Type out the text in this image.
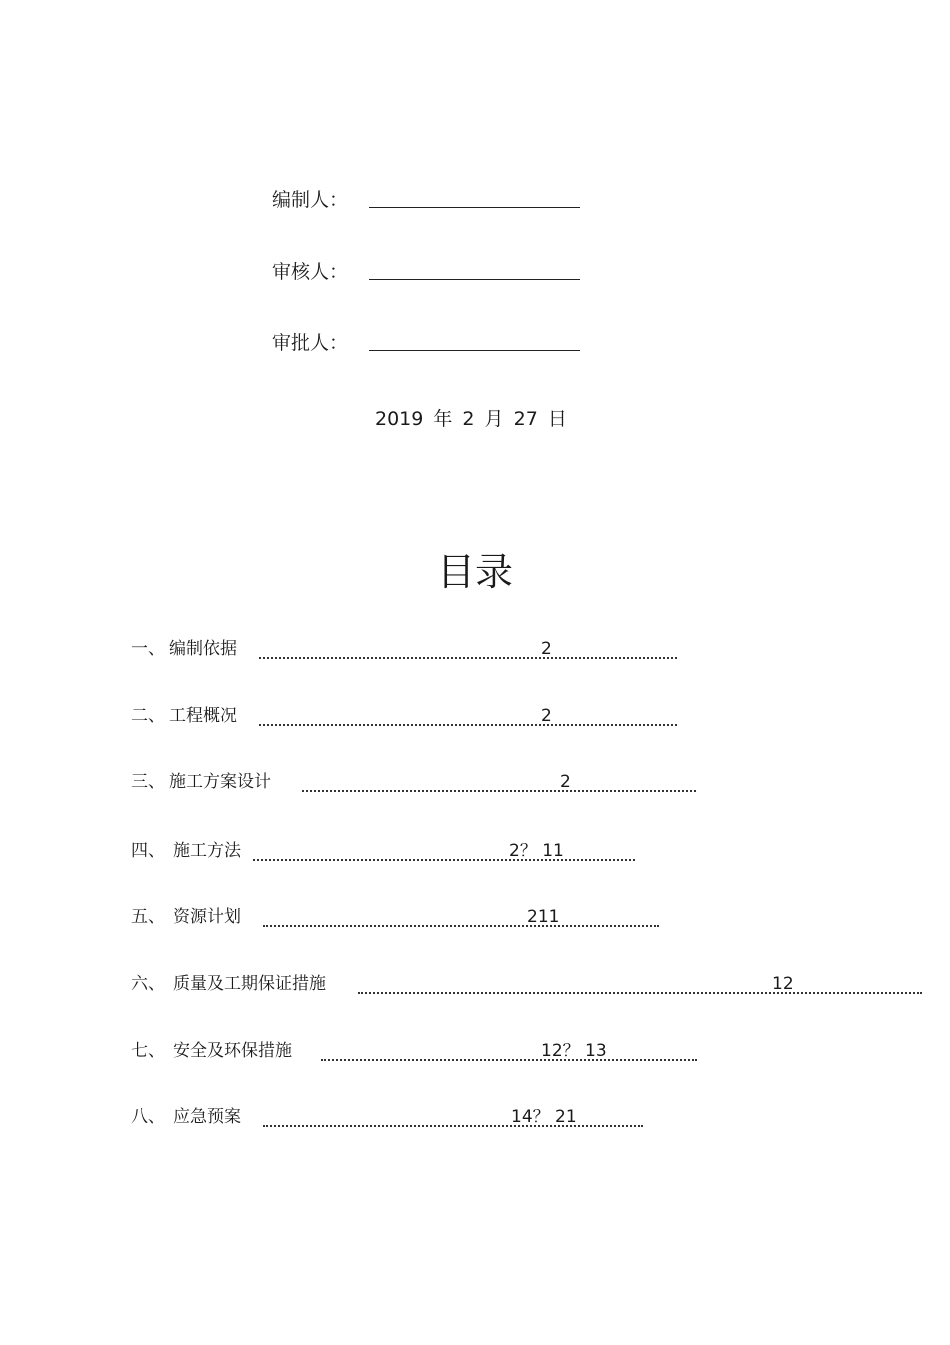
编制人：
审核人：
审批人：
2019 年 2 月 27 日
目录
一、 编制依据	2
二、 工程概况	2
三、 施工方案设计	2
四、 施工方法	2？ 11
五、 资源计划	211
六、 质量及工期保证措施	12
七、 安全及环保措施	12？ 13
八、 应急预案	14？ 21
